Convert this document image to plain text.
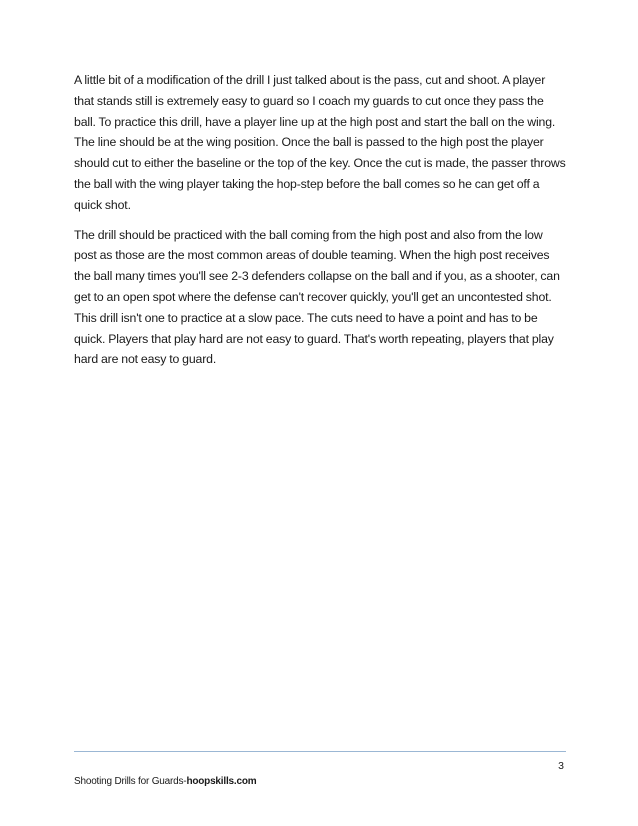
A little bit of a modification of the drill I just talked about is the pass, cut and shoot. A player that stands still is extremely easy to guard so I coach my guards to cut once they pass the ball. To practice this drill, have a player line up at the high post and start the ball on the wing. The line should be at the wing position. Once the ball is passed to the high post the player should cut to either the baseline or the top of the key. Once the cut is made, the passer throws the ball with the wing player taking the hop-step before the ball comes so he can get off a quick shot.

The drill should be practiced with the ball coming from the high post and also from the low post as those are the most common areas of double teaming. When the high post receives the ball many times you'll see 2-3 defenders collapse on the ball and if you, as a shooter, can get to an open spot where the defense can't recover quickly, you'll get an uncontested shot. This drill isn't one to practice at a slow pace. The cuts need to have a point and has to be quick. Players that play hard are not easy to guard. That's worth repeating, players that play hard are not easy to guard.

3
Shooting Drills for Guards-hoopskills.com
